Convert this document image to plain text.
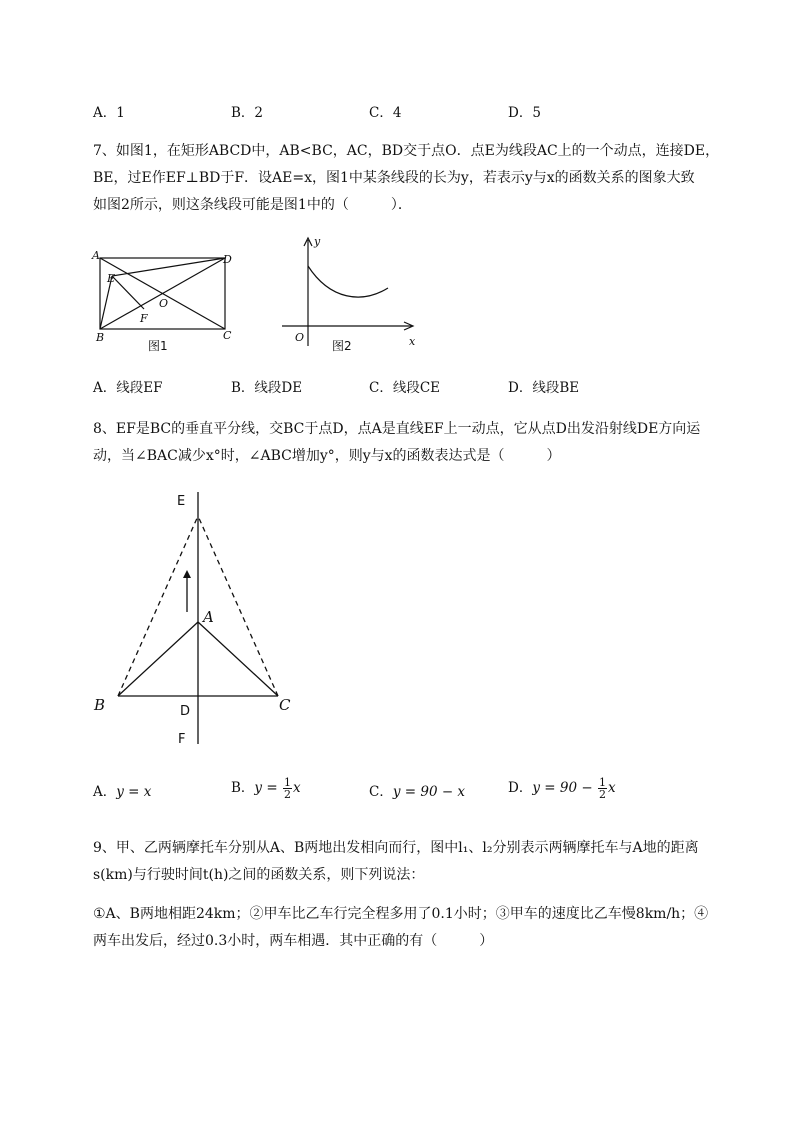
A．1	B．2	C．4	D．5
7、如图1，在矩形ABCD中，AB<BC，AC，BD交于点O．点E为线段AC上的一个动点，连接DE，
BE，过E作EF⊥BD于F．设AE=x，图1中某条线段的长为y，若表示y与x的函数关系的图象大致
如图2所示，则这条线段可能是图1中的（　　　）．
A
E
O
F
B	C
D
图1
y
x
O
图2
A．线段EF	B．线段DE	C．线段CE	D．线段BE
8、EF是BC的垂直平分线，交BC于点D，点A是直线EF上一动点，它从点D出发沿射线DE方向运
动，当∠BAC减少x°时，∠ABC增加y°，则y与x的函数表达式是（　　　）
E
A
B	C
D
F
A．y = x	B．$y = \frac{1}{2}$ x	C．y = 90 − x	D．$y = 90 - \frac{1}{2}$ x
9、甲、乙两辆摩托车分别从A、B两地出发相向而行，图中l₁、l₂分别表示两辆摩托车与A地的距离
s(km)与行驶时间t(h)之间的函数关系，则下列说法：
①A、B两地相距24km；②甲车比乙车行完全程多用了0.1小时；③甲车的速度比乙车慢8km/h；④
两车出发后，经过0.3小时，两车相遇．其中正确的有（　　　）
